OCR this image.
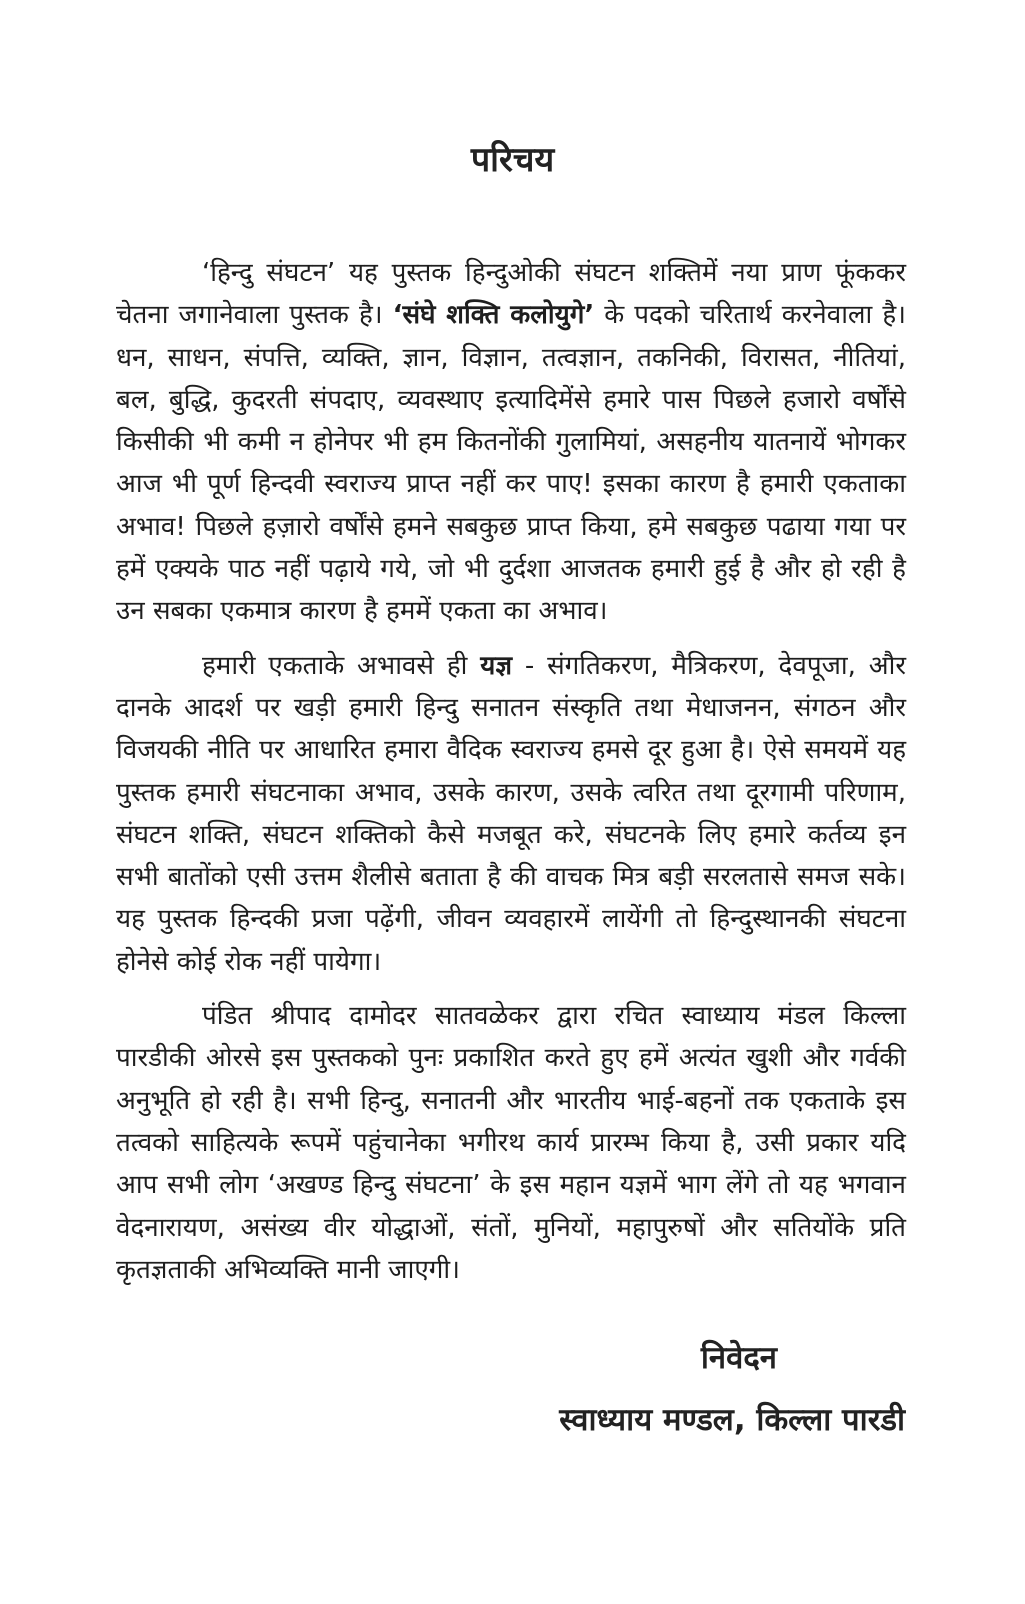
परिचय

‘हिन्दु संघटन’ यह पुस्तक हिन्दुओकी संघटन शक्तिमें नया प्राण फूंककर चेतना जगानेवाला पुस्तक है। ‘संघे शक्ति कलोयुगे’ के पदको चरितार्थ करनेवाला है। धन, साधन, संपत्ति, व्यक्ति, ज्ञान, विज्ञान, तत्वज्ञान, तकनिकी, विरासत, नीतियां, बल, बुद्धि, कुदरती संपदाए, व्यवस्थाए इत्यादिमेंसे हमारे पास पिछले हजारो वर्षोंसे किसीकी भी कमी न होनेपर भी हम कितनोंकी गुलामियां, असहनीय यातनायें भोगकर आज भी पूर्ण हिन्दवी स्वराज्य प्राप्त नहीं कर पाए! इसका कारण है हमारी एकताका अभाव! पिछले हज़ारो वर्षोंसे हमने सबकुछ प्राप्त किया, हमे सबकुछ पढाया गया पर हमें एक्यके पाठ नहीं पढ़ाये गये, जो भी दुर्दशा आजतक हमारी हुई है और हो रही है उन सबका एकमात्र कारण है हममें एकता का अभाव।

हमारी एकताके अभावसे ही यज्ञ - संगतिकरण, मैत्रिकरण, देवपूजा, और दानके आदर्श पर खड़ी हमारी हिन्दु सनातन संस्कृति तथा मेधाजनन, संगठन और विजयकी नीति पर आधारित हमारा वैदिक स्वराज्य हमसे दूर हुआ है। ऐसे समयमें यह पुस्तक हमारी संघटनाका अभाव, उसके कारण, उसके त्वरित तथा दूरगामी परिणाम, संघटन शक्ति, संघटन शक्तिको कैसे मजबूत करे, संघटनके लिए हमारे कर्तव्य इन सभी बातोंको एसी उत्तम शैलीसे बताता है की वाचक मित्र बड़ी सरलतासे समज सके। यह पुस्तक हिन्दकी प्रजा पढ़ेंगी, जीवन व्यवहारमें लायेंगी तो हिन्दुस्थानकी संघटना होनेसे कोई रोक नहीं पायेगा।

पंडित श्रीपाद दामोदर सातवळेकर द्वारा रचित स्वाध्याय मंडल किल्ला पारडीकी ओरसे इस पुस्तकको पुनः प्रकाशित करते हुए हमें अत्यंत खुशी और गर्वकी अनुभूति हो रही है। सभी हिन्दु, सनातनी और भारतीय भाई-बहनों तक एकताके इस तत्वको साहित्यके रूपमें पहुंचानेका भगीरथ कार्य प्रारम्भ किया है, उसी प्रकार यदि आप सभी लोग ‘अखण्ड हिन्दु संघटना’ के इस महान यज्ञमें भाग लेंगे तो यह भगवान वेदनारायण, असंख्य वीर योद्धाओं, संतों, मुनियों, महापुरुषों और सतियोंके प्रति कृतज्ञताकी अभिव्यक्ति मानी जाएगी।

निवेदन
स्वाध्याय मण्डल, किल्ला पारडी
